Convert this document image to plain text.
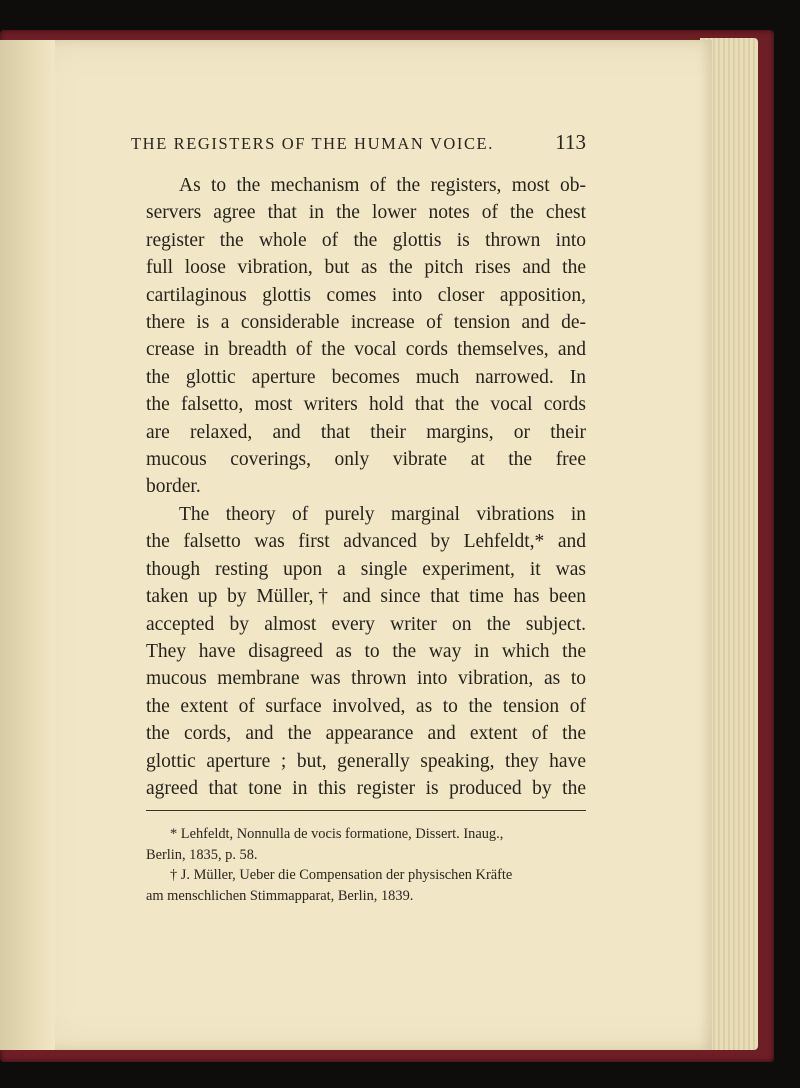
THE REGISTERS OF THE HUMAN VOICE.	113
As to the mechanism of the registers, most ob-
servers agree that in the lower notes of the chest
register the whole of the glottis is thrown into
full loose vibration, but as the pitch rises and the
cartilaginous glottis comes into closer apposition,
there is a considerable increase of tension and de-
crease in breadth of the vocal cords themselves, and
the glottic aperture becomes much narrowed. In
the falsetto, most writers hold that the vocal cords
are relaxed, and that their margins, or their
mucous coverings, only vibrate at the free
border.
The theory of purely marginal vibrations in
the falsetto was first advanced by Lehfeldt,* and
though resting upon a single experiment, it was
taken up by Müller,† and since that time has been
accepted by almost every writer on the subject.
They have disagreed as to the way in which the
mucous membrane was thrown into vibration, as to
the extent of surface involved, as to the tension of
the cords, and the appearance and extent of the
glottic aperture ; but, generally speaking, they have
agreed that tone in this register is produced by the
* Lehfeldt, Nonnulla de vocis formatione, Dissert. Inaug.,
Berlin, 1835, p. 58.
† J. Müller, Ueber die Compensation der physischen Kräfte
am menschlichen Stimmapparat, Berlin, 1839.
